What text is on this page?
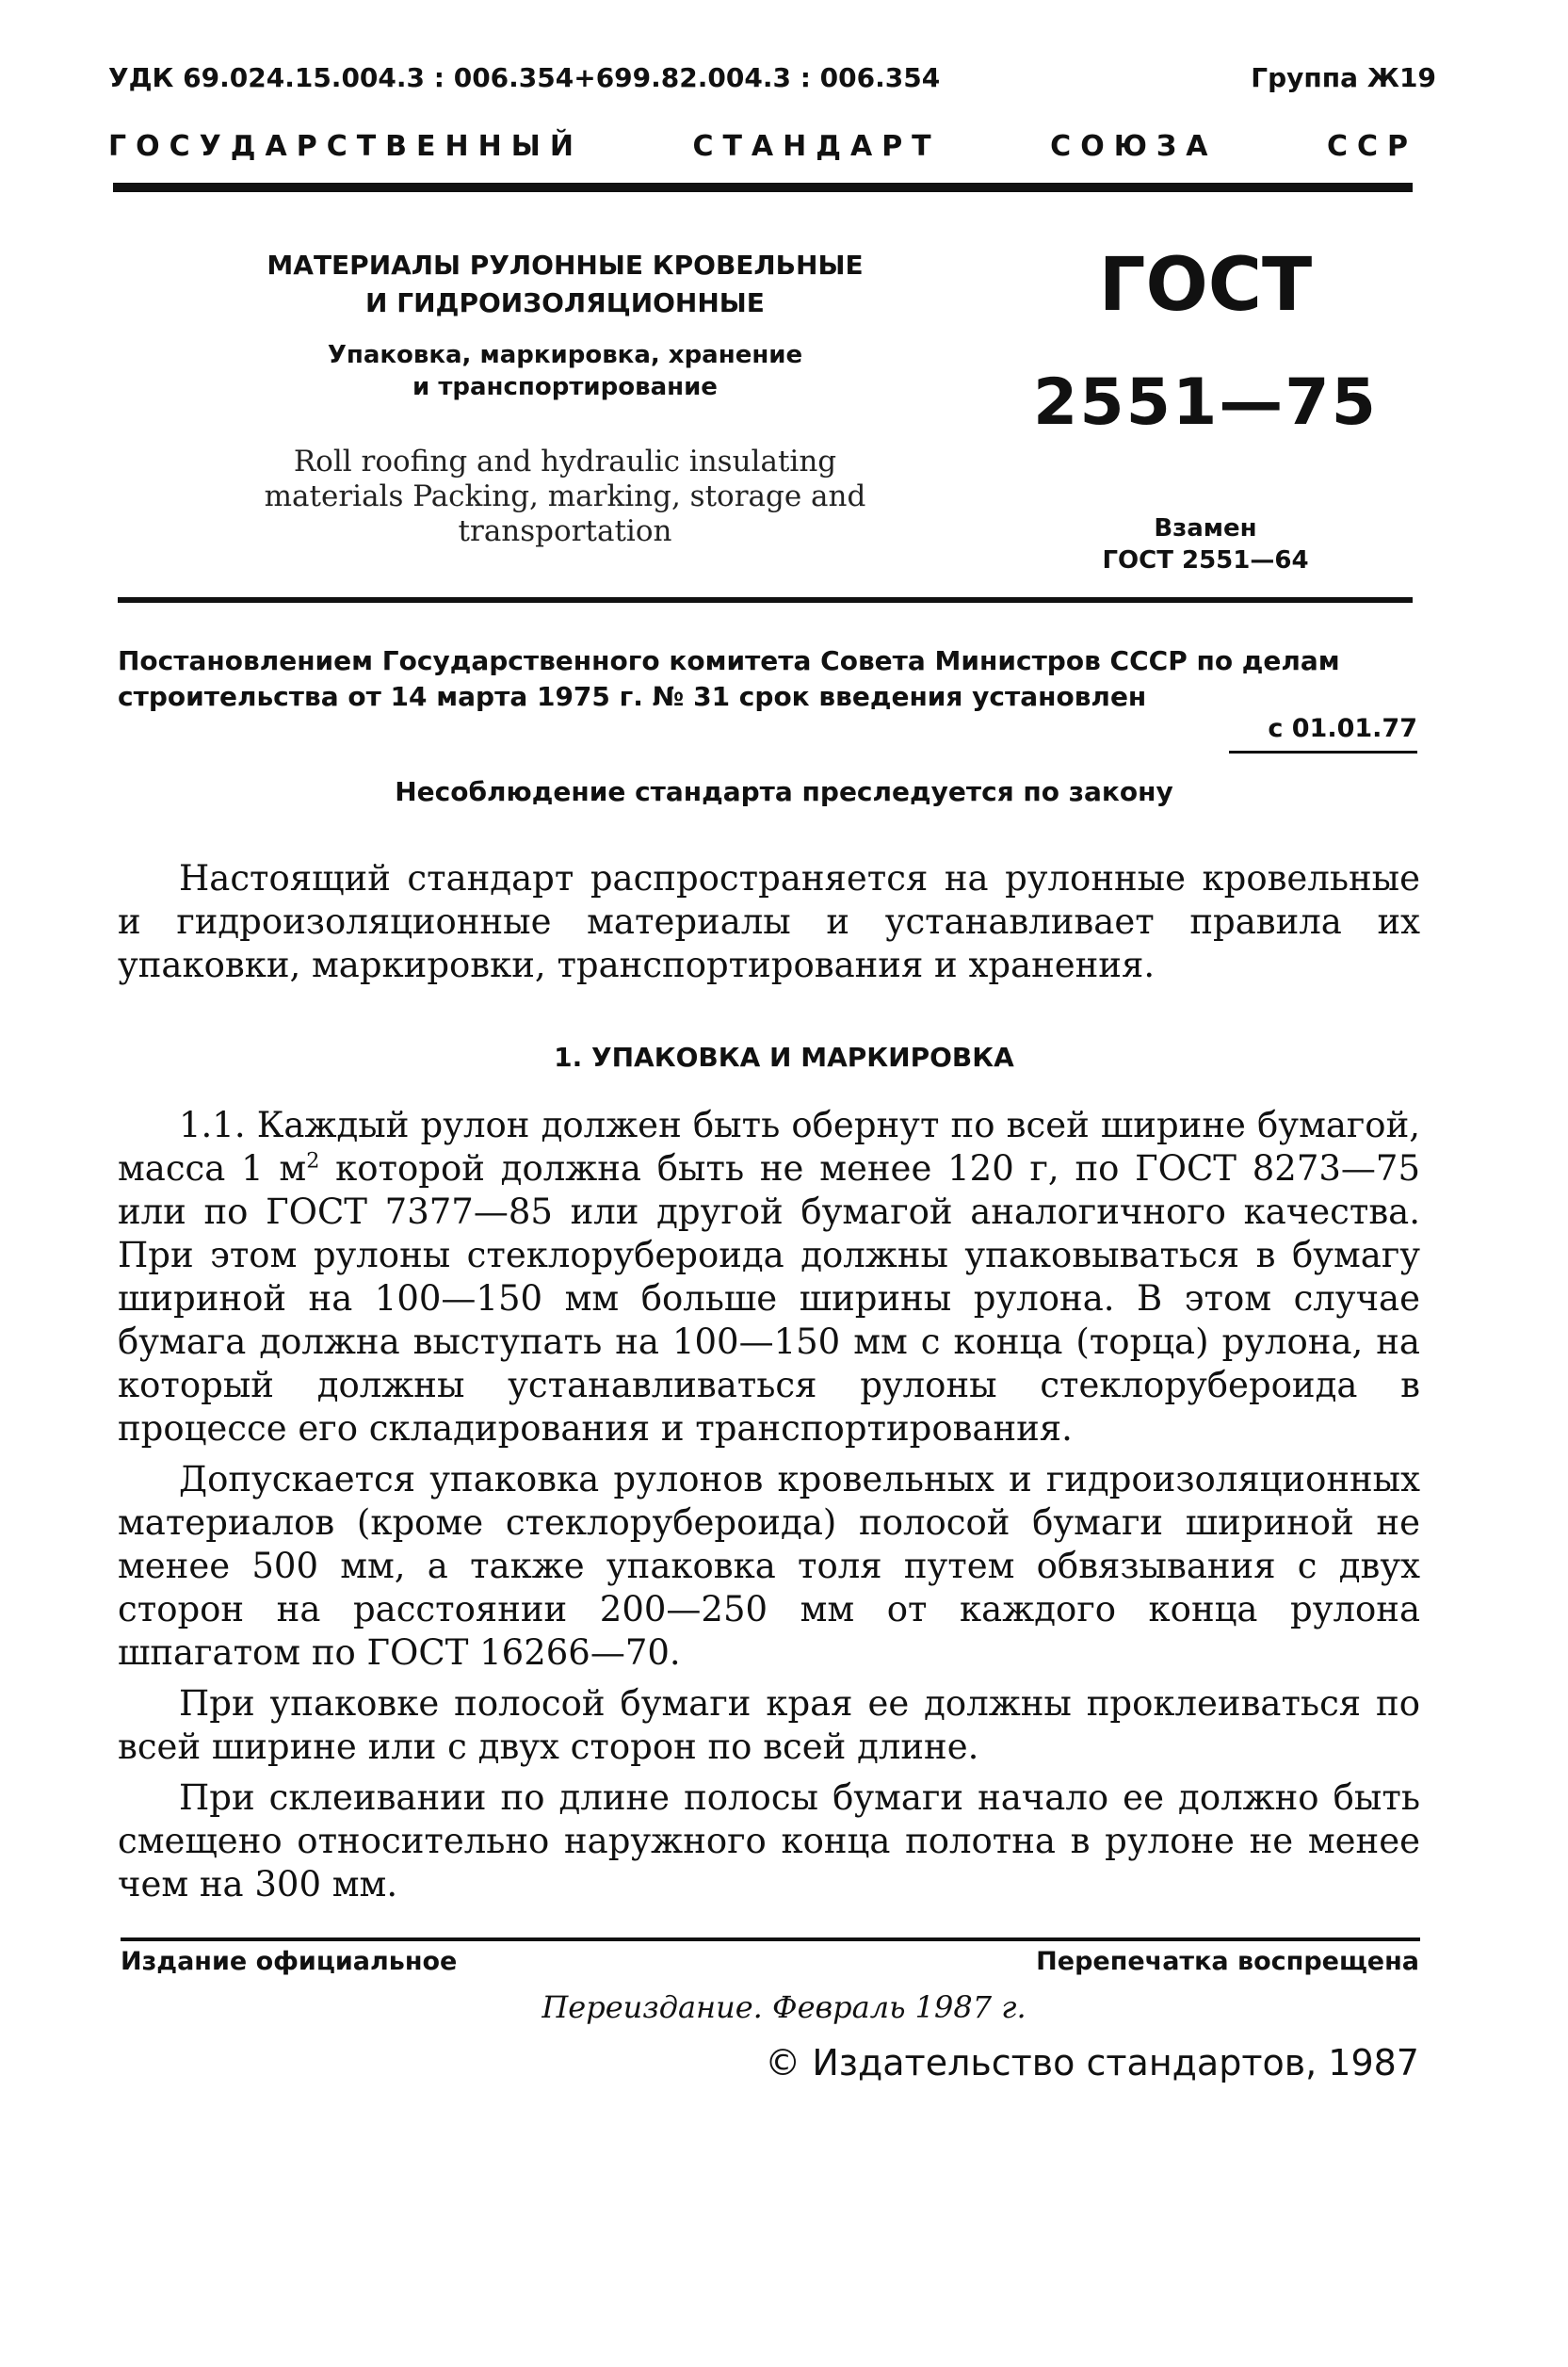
УДК 69.024.15.004.3 : 006.354+699.82.004.3 : 006.354	Группа Ж19
ГОСУДАРСТВЕННЫЙ	СТАНДАРТ	СОЮЗА	ССР
МАТЕРИАЛЫ РУЛОННЫЕ КРОВЕЛЬНЫЕ
И ГИДРОИЗОЛЯЦИОННЫЕ
Упаковка, маркировка, хранение
и транспортирование
Roll roofing and hydraulic insulating
materials Packing, marking, storage and
transportation
ГОСТ
2551—75
Взамен
ГОСТ 2551—64
Постановлением Государственного комитета Совета Министров СССР по делам
строительства от 14 марта 1975 г. № 31 срок введения установлен
с 01.01.77
Несоблюдение стандарта преследуется по закону

Настоящий стандарт распространяется на рулонные кровельные и гидроизоляционные материалы и устанавливает правила их упаковки, маркировки, транспортирования и хранения.

1. УПАКОВКА И МАРКИРОВКА

1.1. Каждый рулон должен быть обернут по всей ширине бумагой, масса 1 $м^2$ которой должна быть не менее 120 г, по ГОСТ 8273—75 или по ГОСТ 7377—85 или другой бумагой аналогичного качества. При этом рулоны стеклорубероида должны упаковываться в бумагу шириной на 100—150 мм больше ширины рулона. В этом случае бумага должна выступать на 100—150 мм с конца (торца) рулона, на который должны устанавливаться рулоны стеклорубероида в процессе его складирования и транспортирования.

Допускается упаковка рулонов кровельных и гидроизоляционных материалов (кроме стеклорубероида) полосой бумаги шириной не менее 500 мм, а также упаковка толя путем обвязывания с двух сторон на расстоянии 200—250 мм от каждого конца рулона шпагатом по ГОСТ 16266—70.

При упаковке полосой бумаги края ее должны проклеиваться по всей ширине или с двух сторон по всей длине.

При склеивании по длине полосы бумаги начало ее должно быть смещено относительно наружного конца полотна в рулоне не менее чем на 300 мм.

Издание официальное	Перепечатка воспрещена
Переиздание. Февраль 1987 г.
© Издательство стандартов, 1987
